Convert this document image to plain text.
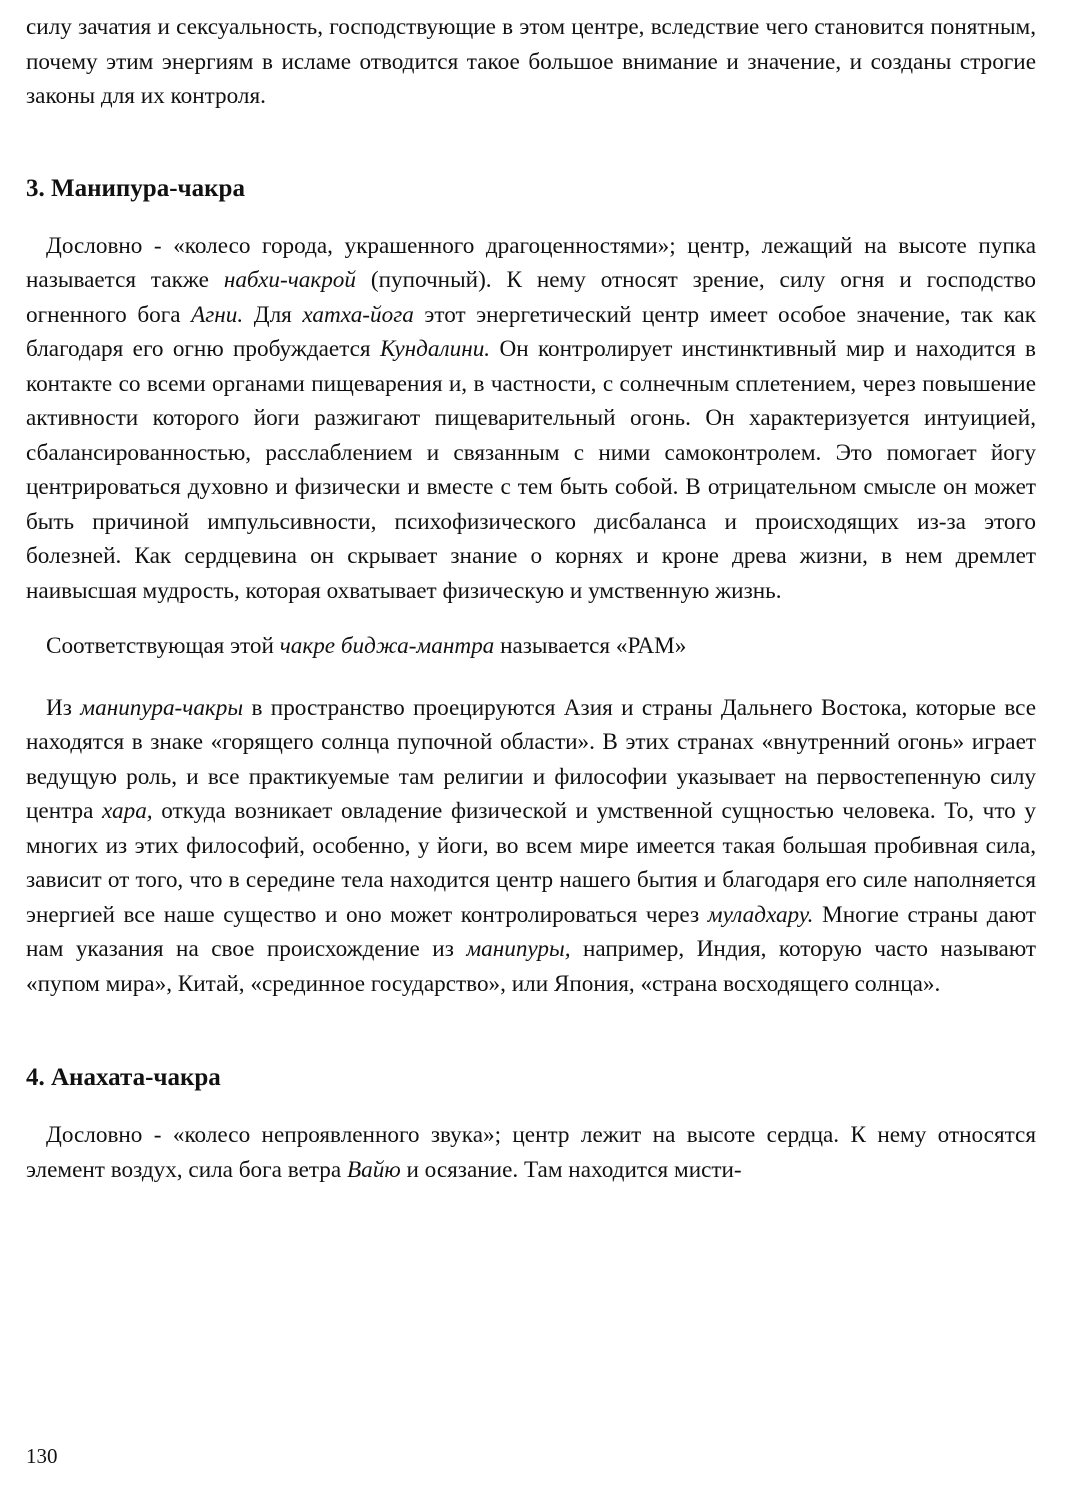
силу зачатия и сексуальность, господствующие в этом центре, вследствие чего становится понятным, почему этим энергиям в исламе отводится такое большое внимание и значение, и созданы строгие законы для их контроля.

3. Манипура-чакра

Дословно - «колесо города, украшенного драгоценностями»; центр, лежащий на высоте пупка называется также набхи-чакрой (пупочный). К нему относят зрение, силу огня и господство огненного бога Агни. Для хатха-йога этот энергетический центр имеет особое значение, так как благодаря его огню пробуждается Кундалини. Он контролирует инстинктивный мир и находится в контакте со всеми органами пищеварения и, в частности, с солнечным сплетением, через повышение активности которого йоги разжигают пищеварительный огонь. Он характеризуется интуицией, сбалансированностью, расслаблением и связанным с ними самоконтролем. Это помогает йогу центрироваться духовно и физически и вместе с тем быть собой. В отрицательном смысле он может быть причиной импульсивности, психофизического дисбаланса и происходящих из-за этого болезней. Как сердцевина он скрывает знание о корнях и кроне древа жизни, в нем дремлет наивысшая мудрость, которая охватывает физическую и умственную жизнь.

Соответствующая этой чакре биджа-мантра называется «РАМ»

Из манипура-чакры в пространство проецируются Азия и страны Дальнего Востока, которые все находятся в знаке «горящего солнца пупочной области». В этих странах «внутренний огонь» играет ведущую роль, и все практикуемые там религии и философии указывает на первостепенную силу центра хара, откуда возникает овладение физической и умственной сущностью человека. То, что у многих из этих философий, особенно, у йоги, во всем мире имеется такая большая пробивная сила, зависит от того, что в середине тела находится центр нашего бытия и благодаря его силе наполняется энергией все наше существо и оно может контролироваться через муладхару. Многие страны дают нам указания на свое происхождение из манипуры, например, Индия, которую часто называют «пупом мира», Китай, «срединное государство», или Япония, «страна восходящего солнца».

4. Анахата-чакра

Дословно - «колесо непроявленного звука»; центр лежит на высоте сердца. К нему относятся элемент воздух, сила бога ветра Вайю и осязание. Там находится мисти-

130
